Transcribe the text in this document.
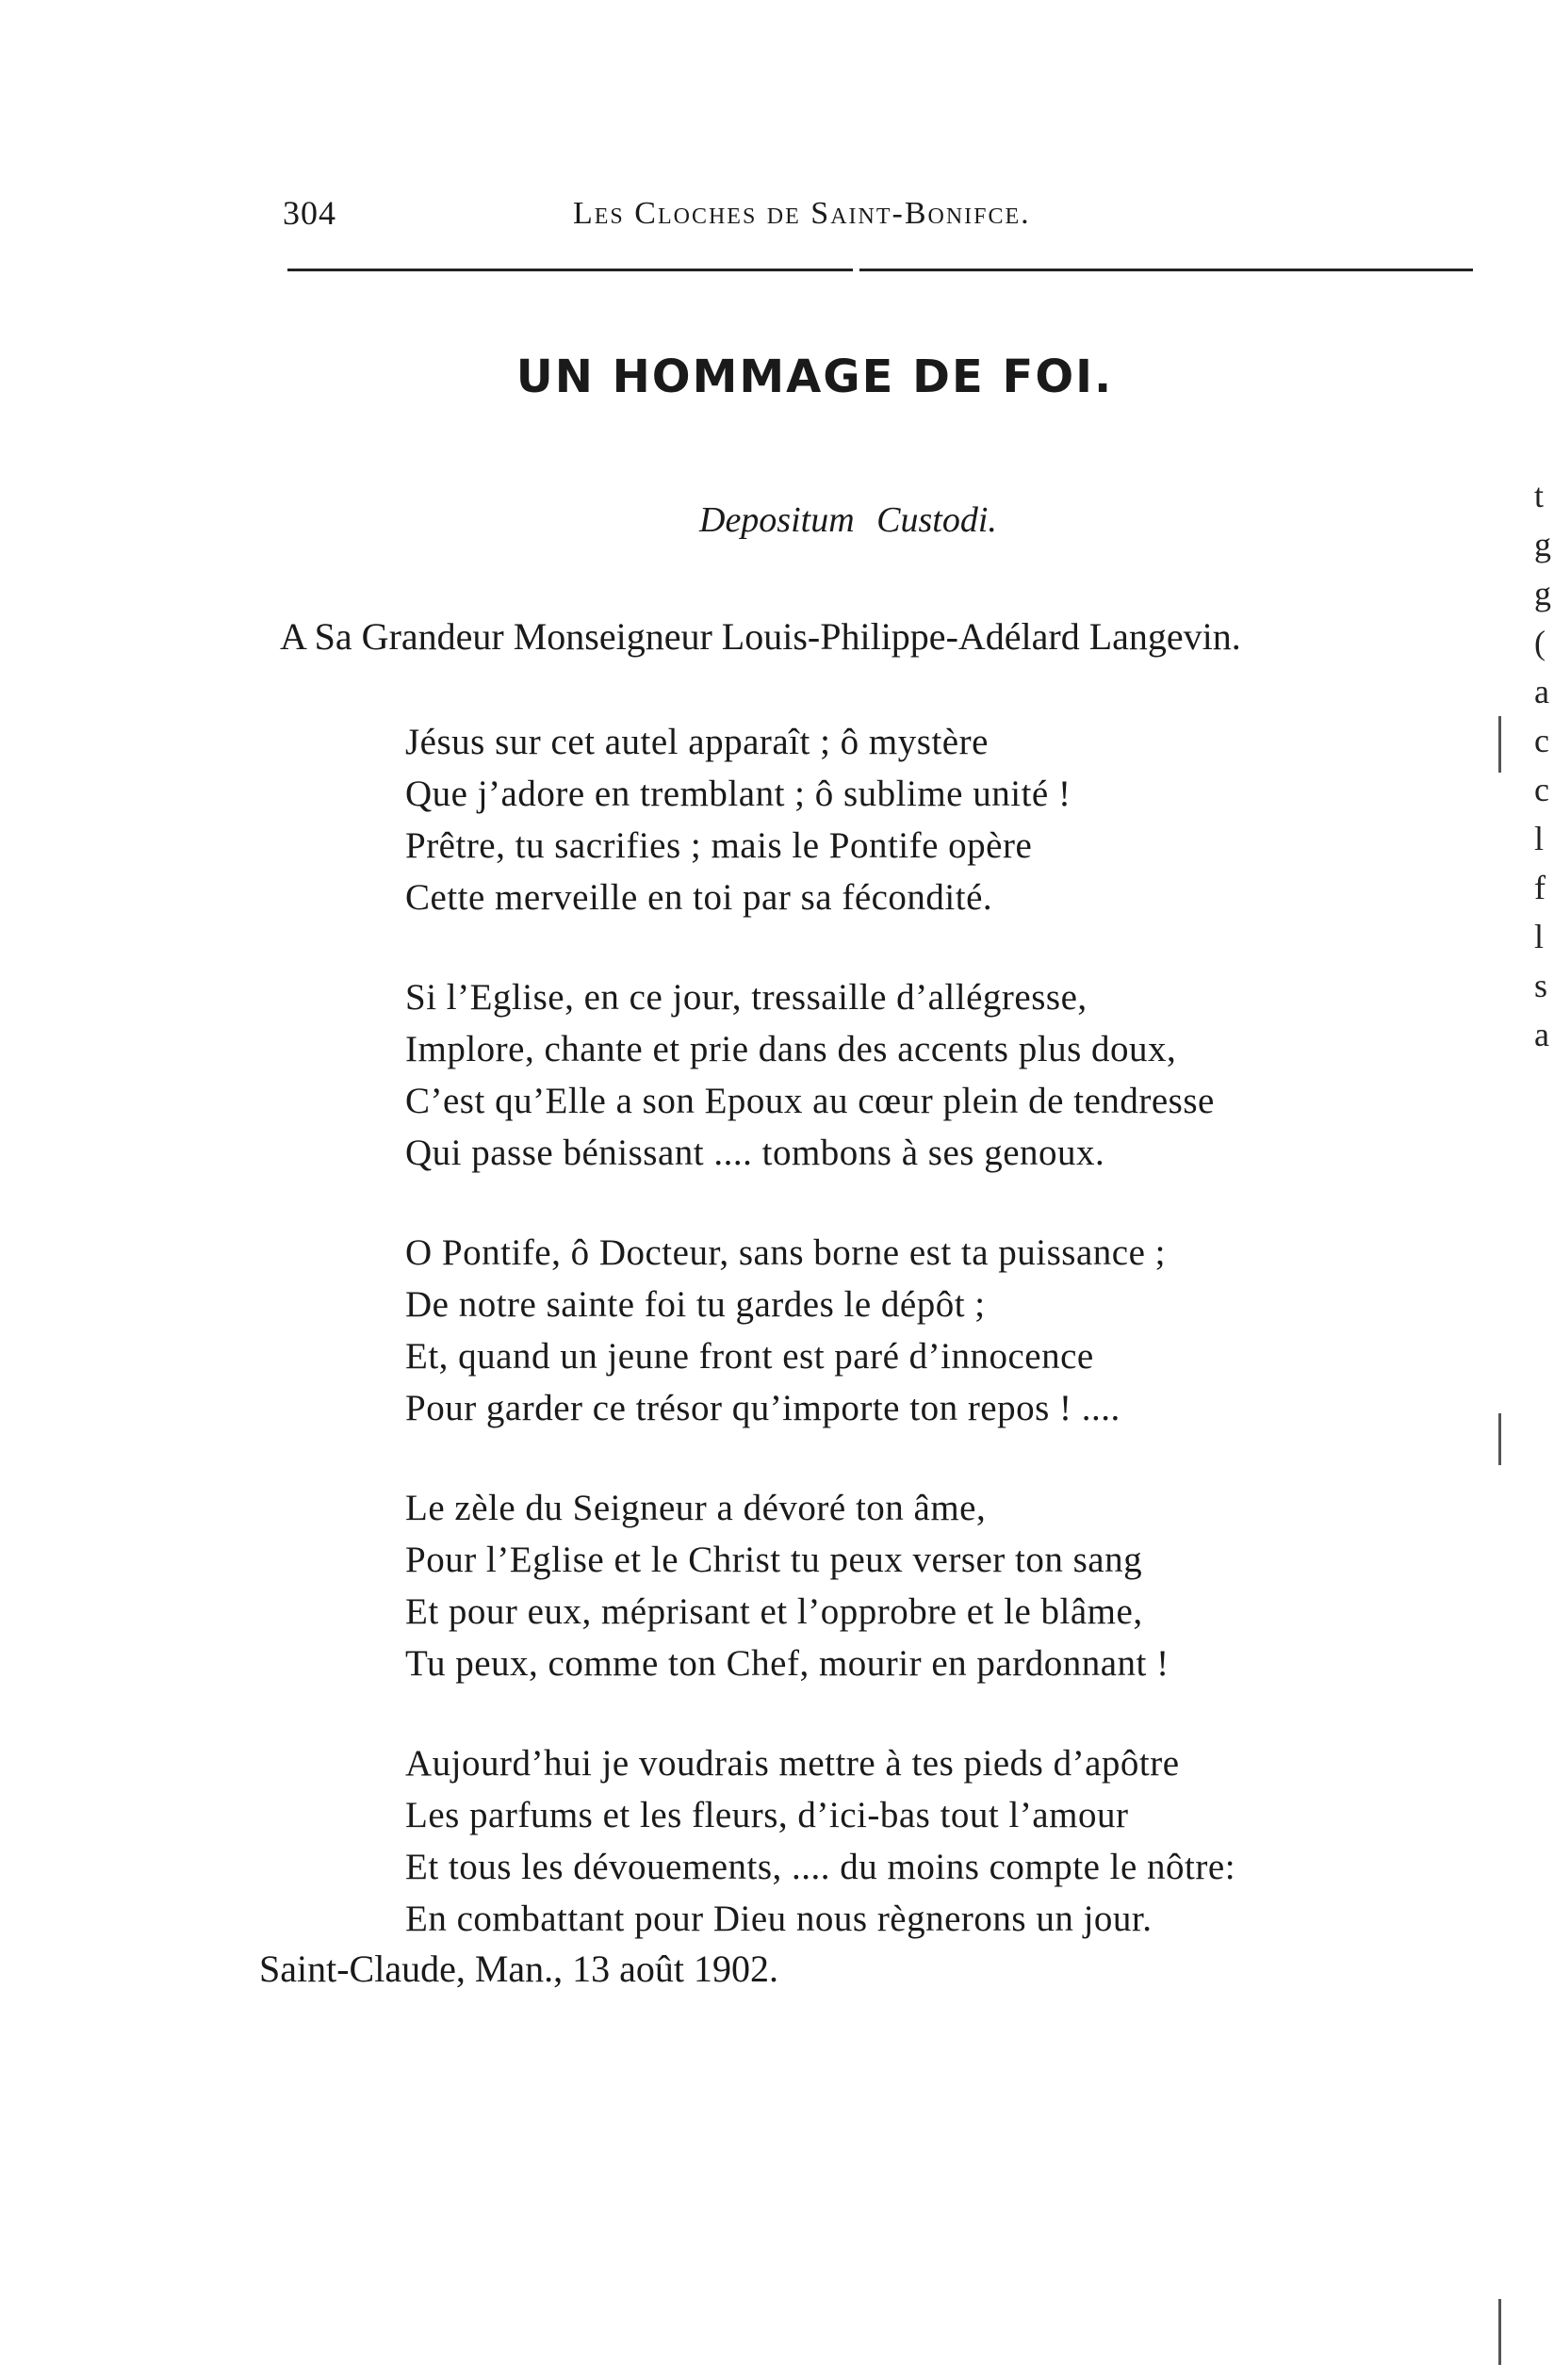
304	Les Cloches de Saint-Bonifce.
UN HOMMAGE DE FOI.
Depositum Custodi.
A Sa Grandeur Monseigneur Louis-Philippe-Adélard Langevin.
Jésus sur cet autel apparaît ; ô mystère
Que j’adore en tremblant ; ô sublime unité !
Prêtre, tu sacrifies ; mais le Pontife opère
Cette merveille en toi par sa fécondité.
Si l’Eglise, en ce jour, tressaille d’allégresse,
Implore, chante et prie dans des accents plus doux,
C’est qu’Elle a son Epoux au cœur plein de tendresse
Qui passe bénissant .... tombons à ses genoux.
O Pontife, ô Docteur, sans borne est ta puissance ;
De notre sainte foi tu gardes le dépôt ;
Et, quand un jeune front est paré d’innocence
Pour garder ce trésor qu’importe ton repos ! ....
Le zèle du Seigneur a dévoré ton âme,
Pour l’Eglise et le Christ tu peux verser ton sang
Et pour eux, méprisant et l’opprobre et le blâme,
Tu peux, comme ton Chef, mourir en pardonnant !
Aujourd’hui je voudrais mettre à tes pieds d’apôtre
Les parfums et les fleurs, d’ici-bas tout l’amour
Et tous les dévouements, .... du moins compte le nôtre:
En combattant pour Dieu nous règnerons un jour.
Saint-Claude, Man., 13 août 1902.
t
g
g
(
a
c
c
l
f
l
s
a
